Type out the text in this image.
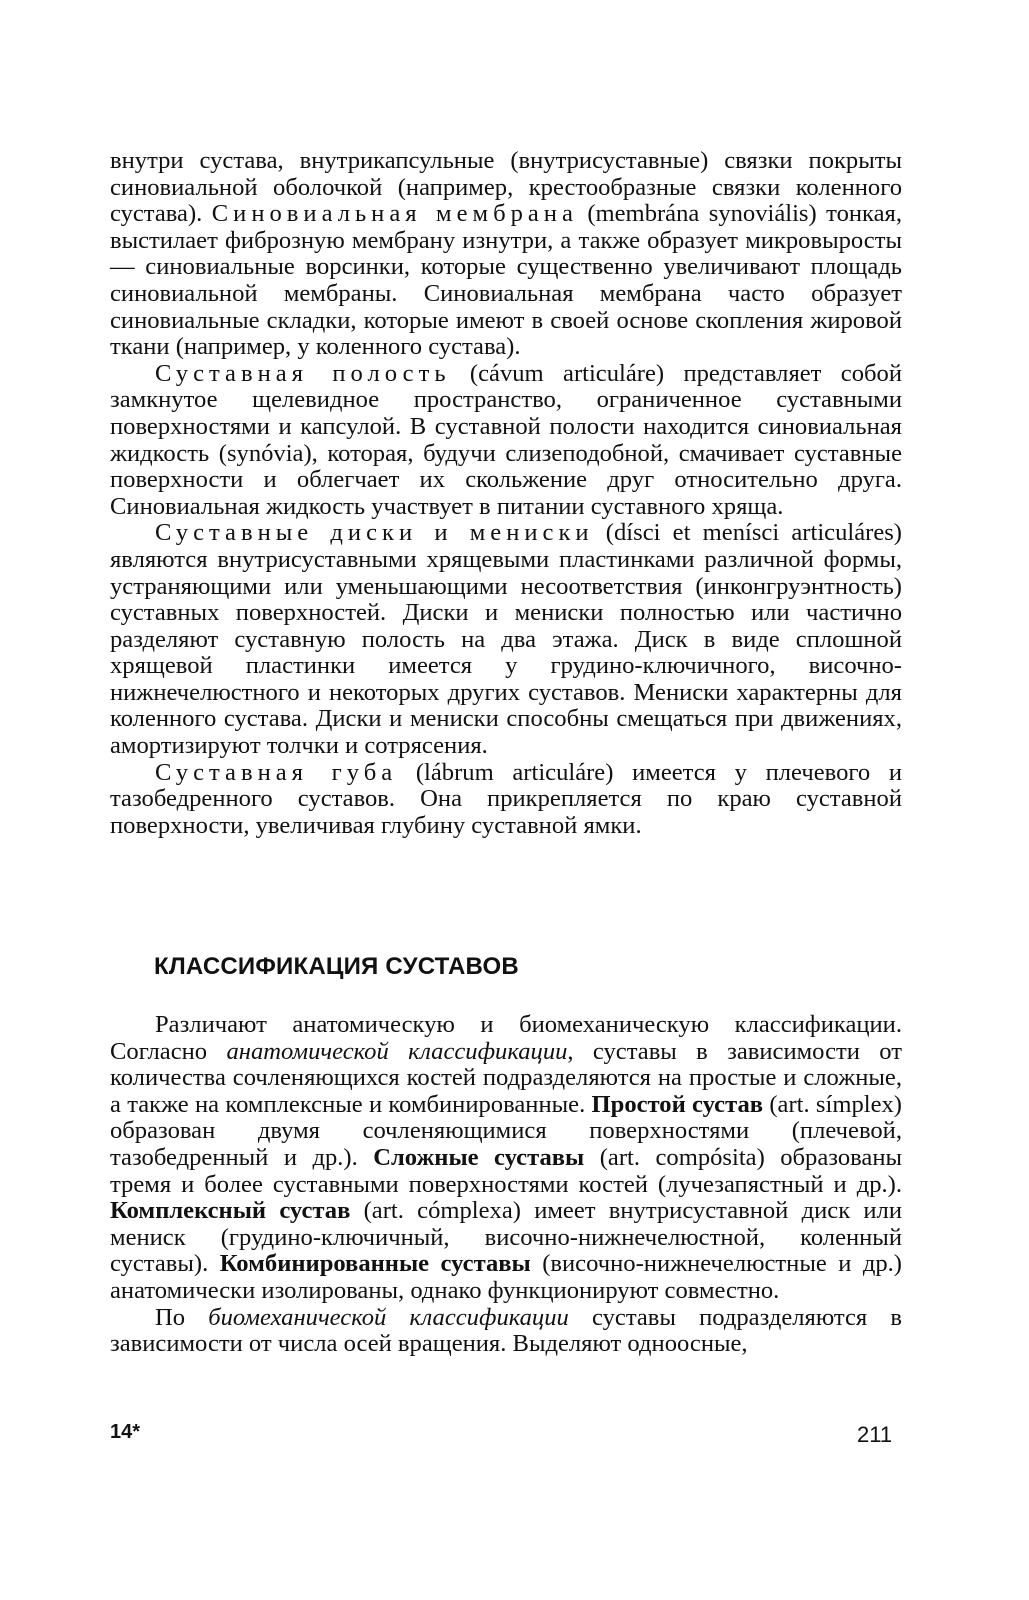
внутри сустава, внутрикапсульные (внутрисуставные) связки покрыты синовиальной оболочкой (например, крестообразные связки коленного сустава). Синовиальная мембрана (membrána synoviális) тонкая, выстилает фиброзную мембрану изнутри, а также образует микровыросты — синовиальные ворсинки, которые существенно увеличивают площадь синовиальной мембраны. Синовиальная мембрана часто образует синовиальные складки, которые имеют в своей основе скопления жировой ткани (например, у коленного сустава).

Суставная полость (cávum articuláre) представляет собой замкнутое щелевидное пространство, ограниченное суставными поверхностями и капсулой. В суставной полости находится синовиальная жидкость (synóvia), которая, будучи слизеподобной, смачивает суставные поверхности и облегчает их скольжение друг относительно друга. Синовиальная жидкость участвует в питании суставного хряща.

Суставные диски и мениски (dísci et menísci articuláres) являются внутрисуставными хрящевыми пластинками различной формы, устраняющими или уменьшающими несоответствия (инконгруэнтность) суставных поверхностей. Диски и мениски полностью или частично разделяют суставную полость на два этажа. Диск в виде сплошной хрящевой пластинки имеется у грудино-ключичного, височно-нижнечелюстного и некоторых других суставов. Мениски характерны для коленного сустава. Диски и мениски способны смещаться при движениях, амортизируют толчки и сотрясения.

Суставная губа (lábrum articuláre) имеется у плечевого и тазобедренного суставов. Она прикрепляется по краю суставной поверхности, увеличивая глубину суставной ямки.

КЛАССИФИКАЦИЯ СУСТАВОВ

Различают анатомическую и биомеханическую классификации. Согласно анатомической классификации, суставы в зависимости от количества сочленяющихся костей подразделяются на простые и сложные, а также на комплексные и комбинированные. Простой сустав (art. símplex) образован двумя сочленяющимися поверхностями (плечевой, тазобедренный и др.). Сложные суставы (art. compósita) образованы тремя и более суставными поверхностями костей (лучезапястный и др.). Комплексный сустав (art. cómplexa) имеет внутрисуставной диск или мениск (грудино-ключичный, височно-нижнечелюстной, коленный суставы). Комбинированные суставы (височно-нижнечелюстные и др.) анатомически изолированы, однако функционируют совместно.

По биомеханической классификации суставы подразделяются в зависимости от числа осей вращения. Выделяют одноосные,

14*	211
